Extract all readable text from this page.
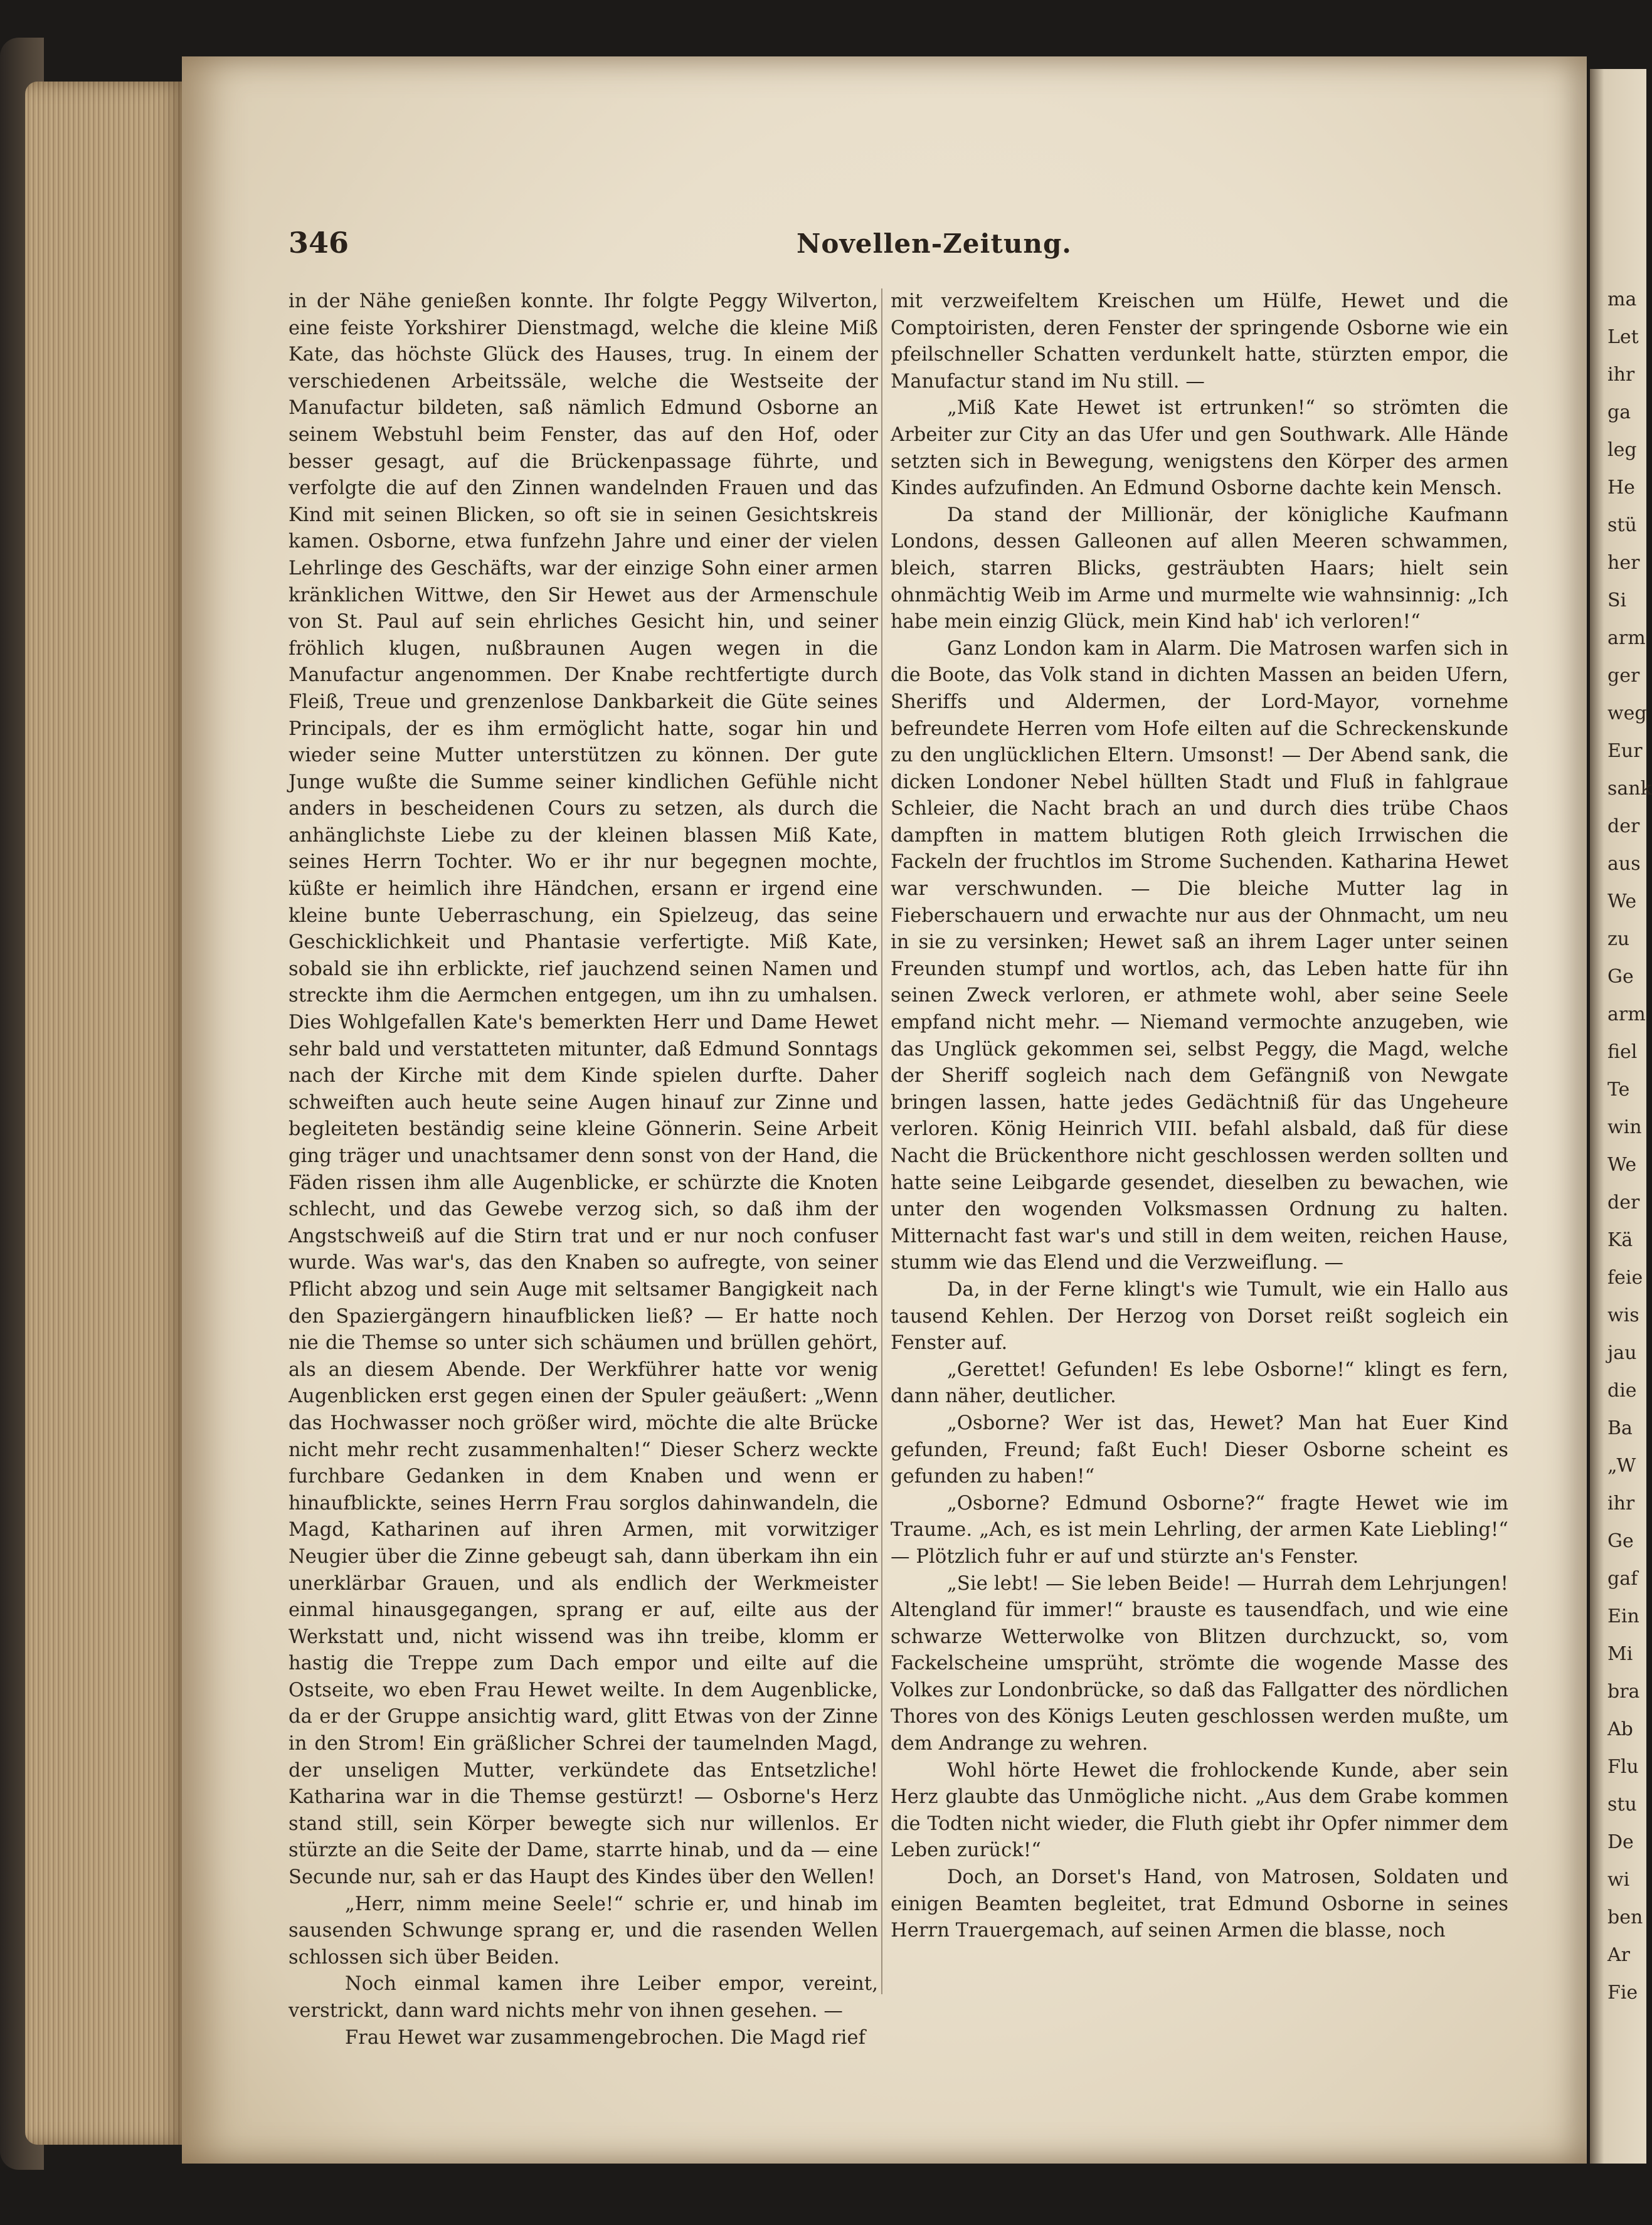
ma
Let
ihr
ga
leg
He
stü
her
Si
arm
ger
weg
Eur
sank
der
aus
We
zu
Ge
arm
fiel
Te
win
We
der
Kä
feie
wis
jau
die
Ba
„W
ihr
Ge
gaf
Ein
Mi
bra
Ab
Flu
stu
De
wi
ben
Ar
Fie
346	Novellen-Zeitung.

in der Nähe genießen konnte. Ihr folgte Peggy Wilverton, eine feiste Yorkshirer Dienstmagd, welche die kleine Miß Kate, das höchste Glück des Hauses, trug. In einem der verschiedenen Arbeitssäle, welche die Westseite der Manufactur bildeten, saß nämlich Edmund Osborne an seinem Webstuhl beim Fenster, das auf den Hof, oder besser gesagt, auf die Brückenpassage führte, und verfolgte die auf den Zinnen wandelnden Frauen und das Kind mit seinen Blicken, so oft sie in seinen Gesichtskreis kamen. Osborne, etwa funfzehn Jahre und einer der vielen Lehrlinge des Geschäfts, war der einzige Sohn einer armen kränklichen Wittwe, den Sir Hewet aus der Armenschule von St. Paul auf sein ehrliches Gesicht hin, und seiner fröhlich klugen, nußbraunen Augen wegen in die Manufactur angenommen. Der Knabe rechtfertigte durch Fleiß, Treue und grenzenlose Dankbarkeit die Güte seines Principals, der es ihm ermöglicht hatte, sogar hin und wieder seine Mutter unterstützen zu können. Der gute Junge wußte die Summe seiner kindlichen Gefühle nicht anders in bescheidenen Cours zu setzen, als durch die anhänglichste Liebe zu der kleinen blassen Miß Kate, seines Herrn Tochter. Wo er ihr nur begegnen mochte, küßte er heimlich ihre Händchen, ersann er irgend eine kleine bunte Ueberraschung, ein Spielzeug, das seine Geschicklichkeit und Phantasie verfertigte. Miß Kate, sobald sie ihn erblickte, rief jauchzend seinen Namen und streckte ihm die Aermchen entgegen, um ihn zu umhalsen. Dies Wohlgefallen Kate's bemerkten Herr und Dame Hewet sehr bald und verstatteten mitunter, daß Edmund Sonntags nach der Kirche mit dem Kinde spielen durfte. Daher schweiften auch heute seine Augen hinauf zur Zinne und begleiteten beständig seine kleine Gönnerin. Seine Arbeit ging träger und unachtsamer denn sonst von der Hand, die Fäden rissen ihm alle Augenblicke, er schürzte die Knoten schlecht, und das Gewebe verzog sich, so daß ihm der Angstschweiß auf die Stirn trat und er nur noch confuser wurde. Was war's, das den Knaben so aufregte, von seiner Pflicht abzog und sein Auge mit seltsamer Bangigkeit nach den Spaziergängern hinaufblicken ließ? — Er hatte noch nie die Themse so unter sich schäumen und brüllen gehört, als an diesem Abende. Der Werkführer hatte vor wenig Augenblicken erst gegen einen der Spuler geäußert: „Wenn das Hochwasser noch größer wird, möchte die alte Brücke nicht mehr recht zusammenhalten!“ Dieser Scherz weckte furchbare Gedanken in dem Knaben und wenn er hinaufblickte, seines Herrn Frau sorglos dahinwandeln, die Magd, Katharinen auf ihren Armen, mit vorwitziger Neugier über die Zinne gebeugt sah, dann überkam ihn ein unerklärbar Grauen, und als endlich der Werkmeister einmal hinausgegangen, sprang er auf, eilte aus der Werkstatt und, nicht wissend was ihn treibe, klomm er hastig die Treppe zum Dach empor und eilte auf die Ostseite, wo eben Frau Hewet weilte. In dem Augenblicke, da er der Gruppe ansichtig ward, glitt Etwas von der Zinne in den Strom! Ein gräßlicher Schrei der taumelnden Magd, der unseligen Mutter, verkündete das Entsetzliche! Katharina war in die Themse gestürzt! — Osborne's Herz stand still, sein Körper bewegte sich nur willenlos. Er stürzte an die Seite der Dame, starrte hinab, und da — eine Secunde nur, sah er das Haupt des Kindes über den Wellen!

„Herr, nimm meine Seele!“ schrie er, und hinab im sausenden Schwunge sprang er, und die rasenden Wellen schlossen sich über Beiden.

Noch einmal kamen ihre Leiber empor, vereint, verstrickt, dann ward nichts mehr von ihnen gesehen. —

Frau Hewet war zusammengebrochen. Die Magd rief

mit verzweifeltem Kreischen um Hülfe, Hewet und die Comptoiristen, deren Fenster der springende Osborne wie ein pfeilschneller Schatten verdunkelt hatte, stürzten empor, die Manufactur stand im Nu still. —

„Miß Kate Hewet ist ertrunken!“ so strömten die Arbeiter zur City an das Ufer und gen Southwark. Alle Hände setzten sich in Bewegung, wenigstens den Körper des armen Kindes aufzufinden. An Edmund Osborne dachte kein Mensch.

Da stand der Millionär, der königliche Kaufmann Londons, dessen Galleonen auf allen Meeren schwammen, bleich, starren Blicks, gesträubten Haars; hielt sein ohnmächtig Weib im Arme und murmelte wie wahnsinnig: „Ich habe mein einzig Glück, mein Kind hab' ich verloren!“

Ganz London kam in Alarm. Die Matrosen warfen sich in die Boote, das Volk stand in dichten Massen an beiden Ufern, Sheriffs und Aldermen, der Lord-Mayor, vornehme befreundete Herren vom Hofe eilten auf die Schreckenskunde zu den unglücklichen Eltern. Umsonst! — Der Abend sank, die dicken Londoner Nebel hüllten Stadt und Fluß in fahlgraue Schleier, die Nacht brach an und durch dies trübe Chaos dampften in mattem blutigen Roth gleich Irrwischen die Fackeln der fruchtlos im Strome Suchenden. Katharina Hewet war verschwunden. — Die bleiche Mutter lag in Fieberschauern und erwachte nur aus der Ohnmacht, um neu in sie zu versinken; Hewet saß an ihrem Lager unter seinen Freunden stumpf und wortlos, ach, das Leben hatte für ihn seinen Zweck verloren, er athmete wohl, aber seine Seele empfand nicht mehr. — Niemand vermochte anzugeben, wie das Unglück gekommen sei, selbst Peggy, die Magd, welche der Sheriff sogleich nach dem Gefängniß von Newgate bringen lassen, hatte jedes Gedächtniß für das Ungeheure verloren. König Heinrich VIII. befahl alsbald, daß für diese Nacht die Brückenthore nicht geschlossen werden sollten und hatte seine Leibgarde gesendet, dieselben zu bewachen, wie unter den wogenden Volksmassen Ordnung zu halten. Mitternacht fast war's und still in dem weiten, reichen Hause, stumm wie das Elend und die Verzweiflung. —

Da, in der Ferne klingt's wie Tumult, wie ein Hallo aus tausend Kehlen. Der Herzog von Dorset reißt sogleich ein Fenster auf.

„Gerettet! Gefunden! Es lebe Osborne!“ klingt es fern, dann näher, deutlicher.

„Osborne? Wer ist das, Hewet? Man hat Euer Kind gefunden, Freund; faßt Euch! Dieser Osborne scheint es gefunden zu haben!“

„Osborne? Edmund Osborne?“ fragte Hewet wie im Traume. „Ach, es ist mein Lehrling, der armen Kate Liebling!“ — Plötzlich fuhr er auf und stürzte an's Fenster.

„Sie lebt! — Sie leben Beide! — Hurrah dem Lehrjungen! Altengland für immer!“ brauste es tausendfach, und wie eine schwarze Wetterwolke von Blitzen durchzuckt, so, vom Fackelscheine umsprüht, strömte die wogende Masse des Volkes zur Londonbrücke, so daß das Fallgatter des nördlichen Thores von des Königs Leuten geschlossen werden mußte, um dem Andrange zu wehren.

Wohl hörte Hewet die frohlockende Kunde, aber sein Herz glaubte das Unmögliche nicht. „Aus dem Grabe kommen die Todten nicht wieder, die Fluth giebt ihr Opfer nimmer dem Leben zurück!“

Doch, an Dorset's Hand, von Matrosen, Soldaten und einigen Beamten begleitet, trat Edmund Osborne in seines Herrn Trauergemach, auf seinen Armen die blasse, noch
